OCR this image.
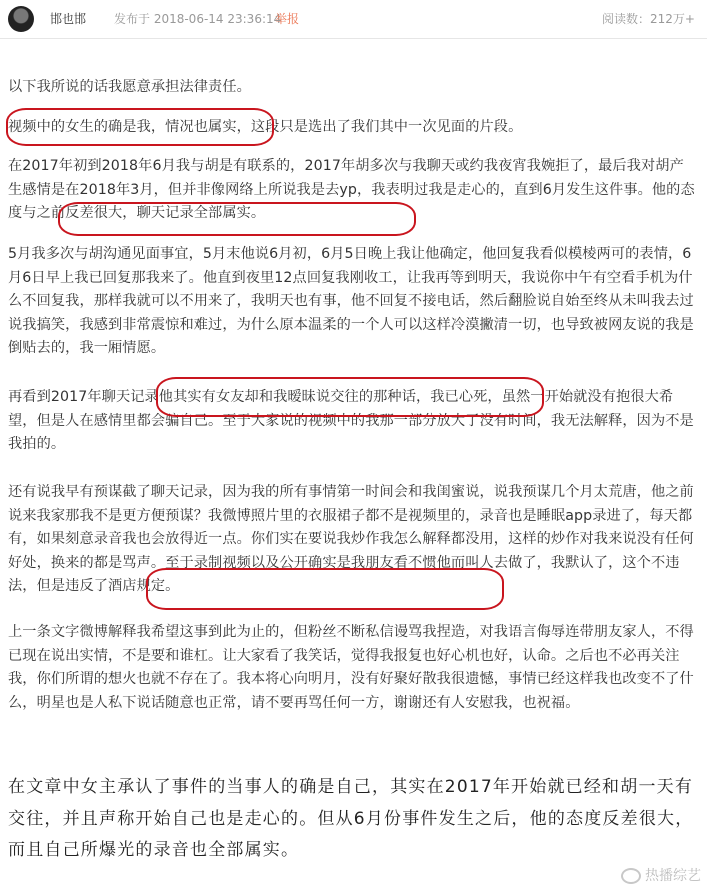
邯也邯 发布于 2018-06-14 23:36:14
举报	阅读数：212万+

以下我所说的话我愿意承担法律责任。

视频中的女生的确是我，情况也属实，这段只是选出了我们其中一次见面的片段。

在2017年初到2018年6月我与胡是有联系的，2017年胡多次与我聊天或约我夜宵我婉拒了，最后我对胡产生感情是在2018年3月，但并非像网络上所说我是去yp，我表明过我是走心的，直到6月发生这件事。他的态度与之前反差很大，聊天记录全部属实。

5月我多次与胡沟通见面事宜，5月末他说6月初，6月5日晚上我让他确定，他回复我看似模棱两可的表情，6月6日早上我已回复那我来了。他直到夜里12点回复我刚收工，让我再等到明天，我说你中午有空看手机为什么不回复我，那样我就可以不用来了，我明天也有事，他不回复不接电话，然后翻脸说自始至终从未叫我去过说我搞笑，我感到非常震惊和难过，为什么原本温柔的一个人可以这样冷漠撇清一切，也导致被网友说的我是倒贴去的，我一厢情愿。

再看到2017年聊天记录他其实有女友却和我暧昧说交往的那种话，我已心死，虽然一开始就没有抱很大希望，但是人在感情里都会骗自己。至于大家说的视频中的我那一部分放大了没有时间，我无法解释，因为不是我拍的。

还有说我早有预谋截了聊天记录，因为我的所有事情第一时间会和我闺蜜说，说我预谋几个月太荒唐，他之前说来我家那我不是更方便预谋？我微博照片里的衣服裙子都不是视频里的，录音也是睡眠app录进了，每天都有，如果刻意录音我也会放得近一点。你们实在要说我炒作我怎么解释都没用，这样的炒作对我来说没有任何好处，换来的都是骂声。至于录制视频以及公开确实是我朋友看不惯他而叫人去做了，我默认了，这个不违法，但是违反了酒店规定。

上一条文字微博解释我希望这事到此为止的，但粉丝不断私信谩骂我捏造，对我语言侮辱连带朋友家人，不得已现在说出实情，不是要和谁杠。让大家看了我笑话，觉得我报复也好心机也好，认命。之后也不必再关注我，你们所谓的想火也就不存在了。我本将心向明月，没有好聚好散我很遗憾，事情已经这样我也改变不了什么，明星也是人私下说话随意也正常，请不要再骂任何一方，谢谢还有人安慰我，也祝福。

在文章中女主承认了事件的当事人的确是自己，其实在2017年开始就已经和胡一天有交往，并且声称开始自己也是走心的。但从6月份事件发生之后，他的态度反差很大，而且自己所爆光的录音也全部属实。

热播综艺
